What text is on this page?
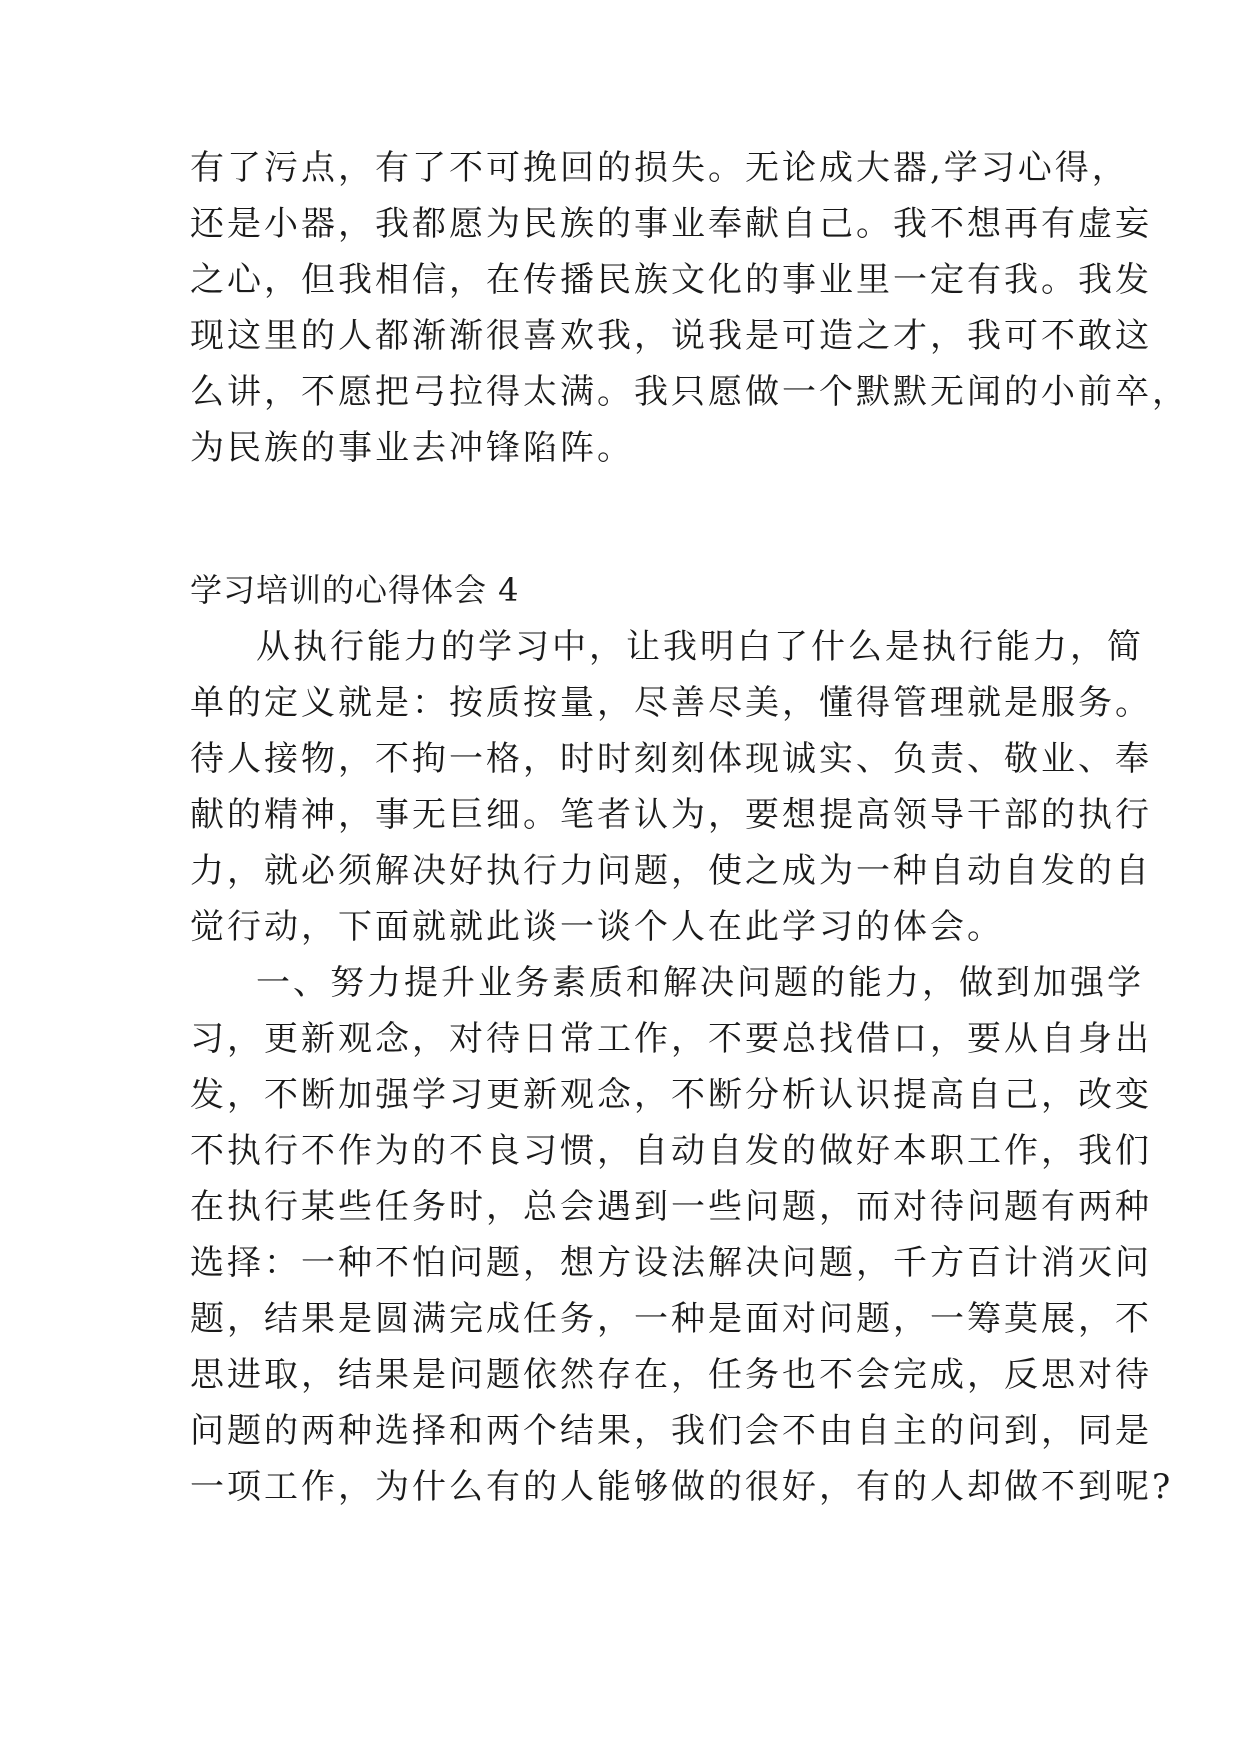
有了污点，有了不可挽回的损失。无论成大器,学习心得，
还是小器，我都愿为民族的事业奉献自己。我不想再有虚妄
之心，但我相信，在传播民族文化的事业里一定有我。我发
现这里的人都渐渐很喜欢我，说我是可造之才，我可不敢这
么讲，不愿把弓拉得太满。我只愿做一个默默无闻的小前卒，
为民族的事业去冲锋陷阵。
学习培训的心得体会 4
从执行能力的学习中，让我明白了什么是执行能力，简
单的定义就是：按质按量，尽善尽美，懂得管理就是服务。
待人接物，不拘一格，时时刻刻体现诚实、负责、敬业、奉
献的精神，事无巨细。笔者认为，要想提高领导干部的执行
力，就必须解决好执行力问题，使之成为一种自动自发的自
觉行动，下面就就此谈一谈个人在此学习的体会。
一、努力提升业务素质和解决问题的能力，做到加强学
习，更新观念，对待日常工作，不要总找借口，要从自身出
发，不断加强学习更新观念，不断分析认识提高自己，改变
不执行不作为的不良习惯，自动自发的做好本职工作，我们
在执行某些任务时，总会遇到一些问题，而对待问题有两种
选择：一种不怕问题，想方设法解决问题，千方百计消灭问
题，结果是圆满完成任务，一种是面对问题，一筹莫展，不
思进取，结果是问题依然存在，任务也不会完成，反思对待
问题的两种选择和两个结果，我们会不由自主的问到，同是
一项工作，为什么有的人能够做的很好，有的人却做不到呢?
